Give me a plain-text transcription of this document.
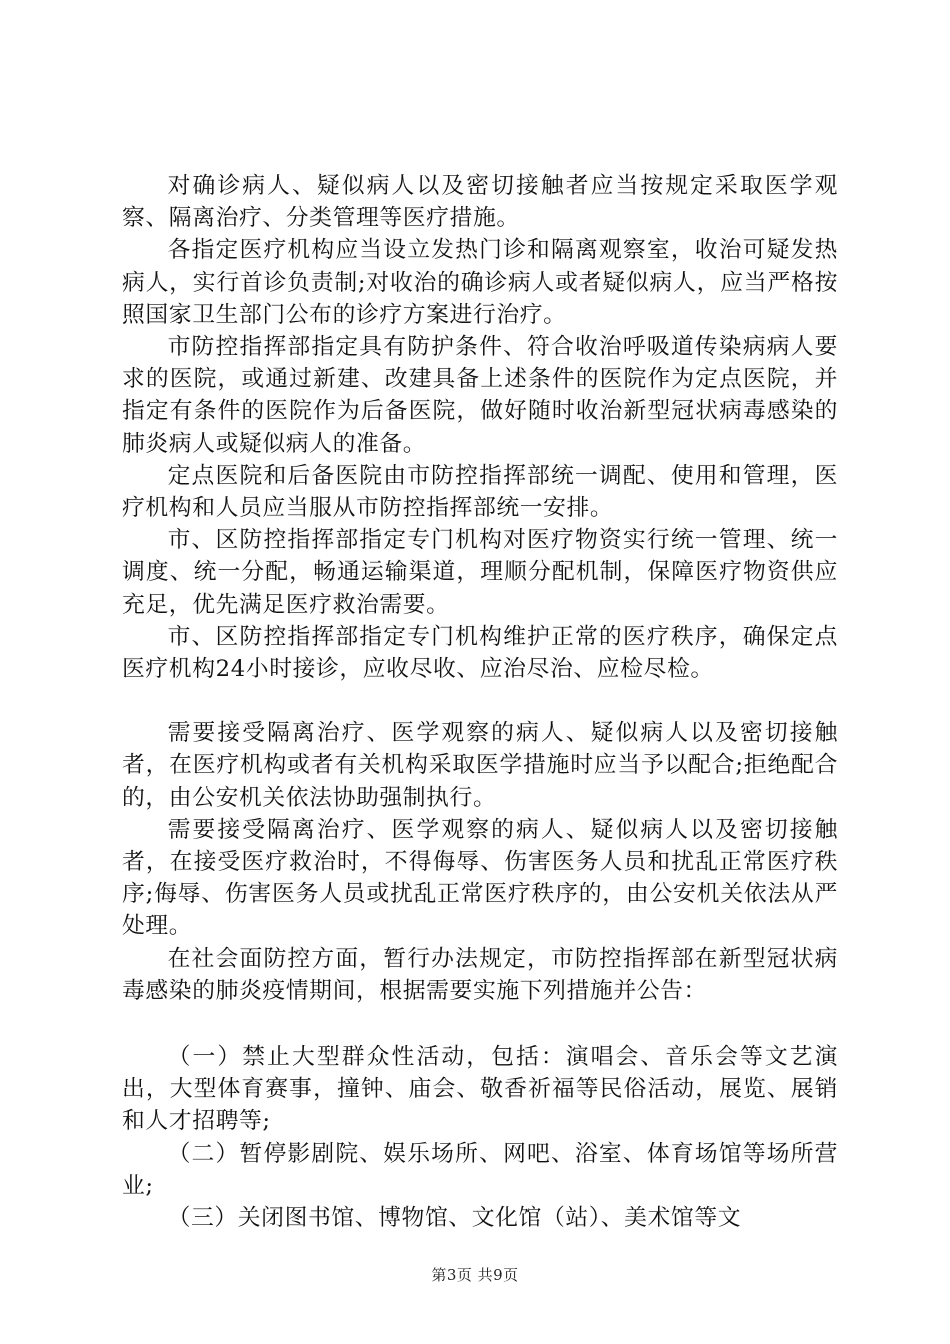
对确诊病人、疑似病人以及密切接触者应当按规定采取医学观察、隔离治疗、分类管理等医疗措施。

各指定医疗机构应当设立发热门诊和隔离观察室，收治可疑发热病人，实行首诊负责制;对收治的确诊病人或者疑似病人，应当严格按照国家卫生部门公布的诊疗方案进行治疗。

市防控指挥部指定具有防护条件、符合收治呼吸道传染病病人要求的医院，或通过新建、改建具备上述条件的医院作为定点医院，并指定有条件的医院作为后备医院，做好随时收治新型冠状病毒感染的肺炎病人或疑似病人的准备。

定点医院和后备医院由市防控指挥部统一调配、使用和管理，医疗机构和人员应当服从市防控指挥部统一安排。

市、区防控指挥部指定专门机构对医疗物资实行统一管理、统一调度、统一分配，畅通运输渠道，理顺分配机制，保障医疗物资供应充足，优先满足医疗救治需要。

市、区防控指挥部指定专门机构维护正常的医疗秩序，确保定点医疗机构24小时接诊，应收尽收、应治尽治、应检尽检。

需要接受隔离治疗、医学观察的病人、疑似病人以及密切接触者，在医疗机构或者有关机构采取医学措施时应当予以配合;拒绝配合的，由公安机关依法协助强制执行。

需要接受隔离治疗、医学观察的病人、疑似病人以及密切接触者，在接受医疗救治时，不得侮辱、伤害医务人员和扰乱正常医疗秩序;侮辱、伤害医务人员或扰乱正常医疗秩序的，由公安机关依法从严处理。

在社会面防控方面，暂行办法规定，市防控指挥部在新型冠状病毒感染的肺炎疫情期间，根据需要实施下列措施并公告：

（一）禁止大型群众性活动，包括：演唱会、音乐会等文艺演出，大型体育赛事，撞钟、庙会、敬香祈福等民俗活动，展览、展销和人才招聘等;

（二）暂停影剧院、娱乐场所、网吧、浴室、体育场馆等场所营业;

（三）关闭图书馆、博物馆、文化馆（站）、美术馆等文

第3页 共9页
